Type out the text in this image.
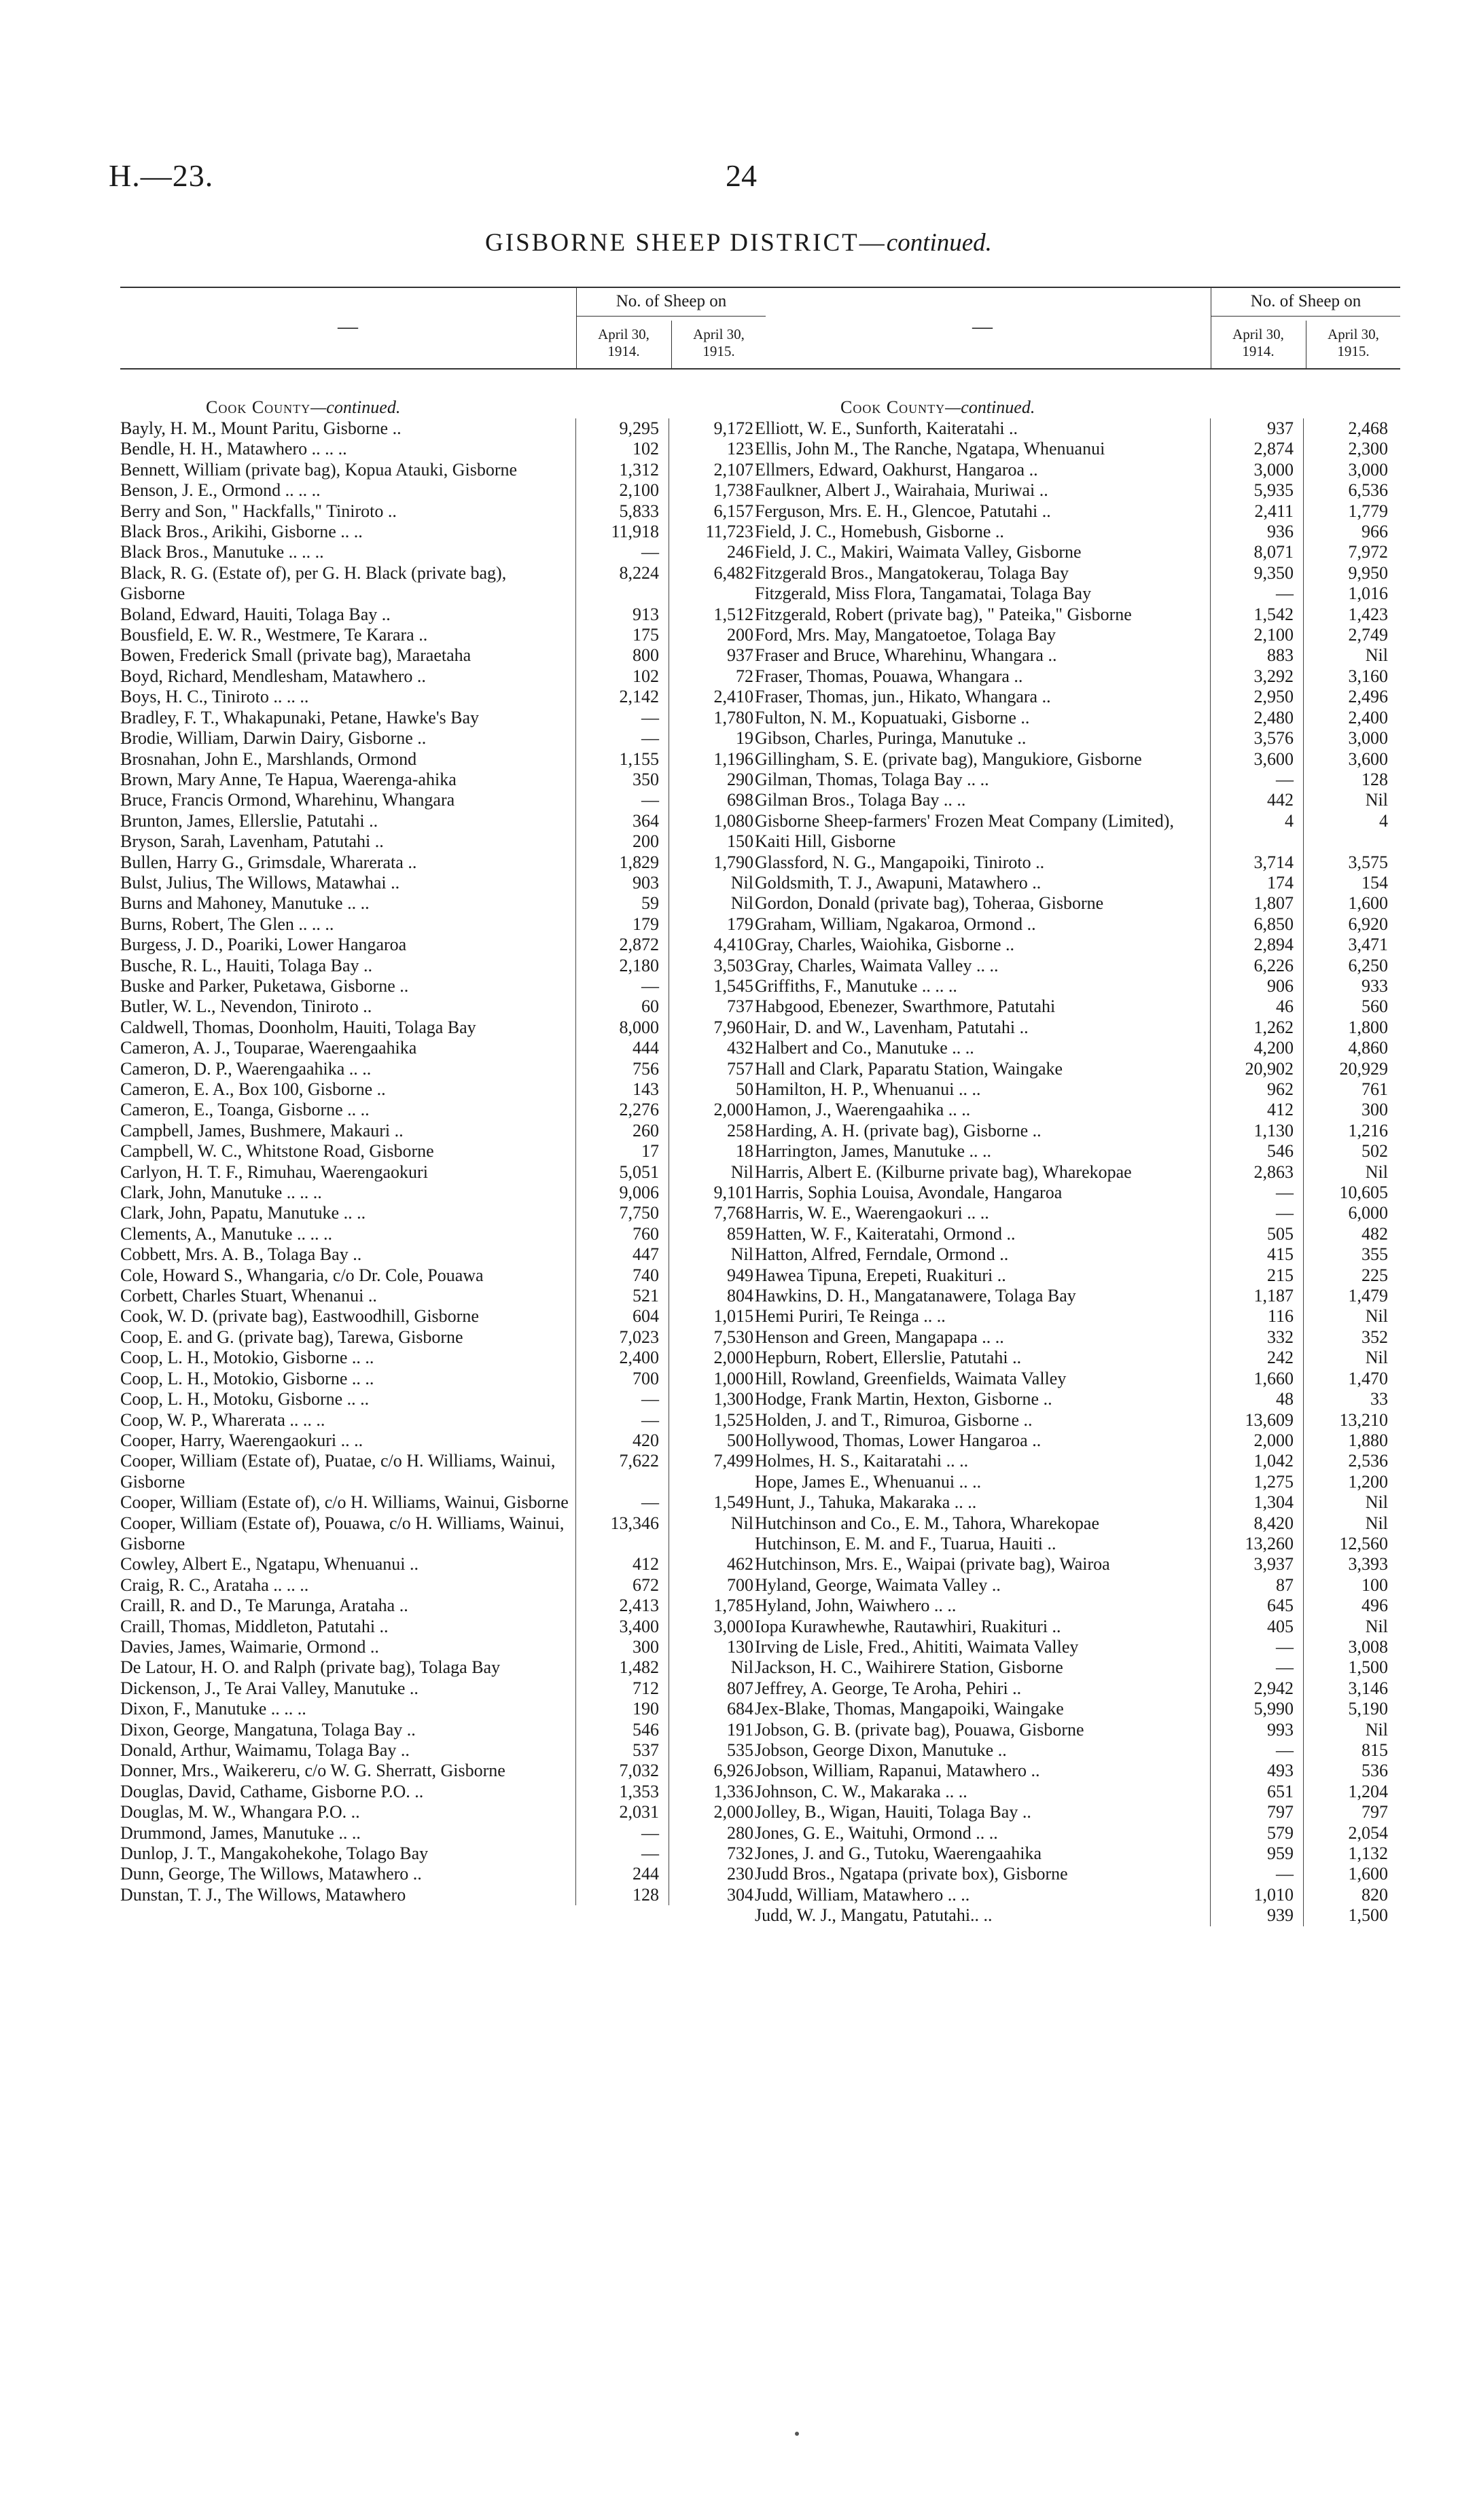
H.—23.	24
GISBORNE SHEEP DISTRICT—continued.
—
No. of Sheep on
April 30,
1914.
April 30,
1915.
Cook County—continued.
Bayly, H. M., Mount Paritu, Gisborne ..	9,295	9,172
Bendle, H. H., Matawhero .. .. ..	102	123
Bennett, William (private bag), Kopua Atauki, Gisborne	1,312	2,107
Benson, J. E., Ormond .. .. ..	2,100	1,738
Berry and Son, " Hackfalls," Tiniroto ..	5,833	6,157
Black Bros., Arikihi, Gisborne .. ..	11,918	11,723
Black Bros., Manutuke .. .. ..	—	246
Black, R. G. (Estate of), per G. H. Black (private bag), Gisborne
8,224	6,482
Boland, Edward, Hauiti, Tolaga Bay ..	913	1,512
Bousfield, E. W. R., Westmere, Te Karara ..	175	200
Bowen, Frederick Small (private bag), Maraetaha	800	937
Boyd, Richard, Mendlesham, Matawhero ..	102	72
Boys, H. C., Tiniroto .. .. ..	2,142	2,410
Bradley, F. T., Whakapunaki, Petane, Hawke's Bay	—	1,780
Brodie, William, Darwin Dairy, Gisborne ..	—	19
Brosnahan, John E., Marshlands, Ormond	1,155	1,196
Brown, Mary Anne, Te Hapua, Waerenga-ahika	350	290
Bruce, Francis Ormond, Wharehinu, Whangara	—	698
Brunton, James, Ellerslie, Patutahi ..	364	1,080
Bryson, Sarah, Lavenham, Patutahi ..	200	150
Bullen, Harry G., Grimsdale, Wharerata ..	1,829	1,790
Bulst, Julius, The Willows, Matawhai ..	903	Nil
Burns and Mahoney, Manutuke .. ..	59	Nil
Burns, Robert, The Glen .. .. ..	179	179
Burgess, J. D., Poariki, Lower Hangaroa	2,872	4,410
Busche, R. L., Hauiti, Tolaga Bay ..	2,180	3,503
Buske and Parker, Puketawa, Gisborne ..	—	1,545
Butler, W. L., Nevendon, Tiniroto ..	60	737
Caldwell, Thomas, Doonholm, Hauiti, Tolaga Bay	8,000	7,960
Cameron, A. J., Touparae, Waerengaahika	444	432
Cameron, D. P., Waerengaahika .. ..	756	757
Cameron, E. A., Box 100, Gisborne ..	143	50
Cameron, E., Toanga, Gisborne .. ..	2,276	2,000
Campbell, James, Bushmere, Makauri ..	260	258
Campbell, W. C., Whitstone Road, Gisborne	17	18
Carlyon, H. T. F., Rimuhau, Waerengaokuri	5,051	Nil
Clark, John, Manutuke .. .. ..	9,006	9,101
Clark, John, Papatu, Manutuke .. ..	7,750	7,768
Clements, A., Manutuke .. .. ..	760	859
Cobbett, Mrs. A. B., Tolaga Bay ..	447	Nil
Cole, Howard S., Whangaria, c/o Dr. Cole, Pouawa	740	949
Corbett, Charles Stuart, Whenanui ..	521	804
Cook, W. D. (private bag), Eastwoodhill, Gisborne	604	1,015
Coop, E. and G. (private bag), Tarewa, Gisborne	7,023	7,530
Coop, L. H., Motokio, Gisborne .. ..	2,400	2,000
Coop, L. H., Motokio, Gisborne .. ..	700	1,000
Coop, L. H., Motoku, Gisborne .. ..	—	1,300
Coop, W. P., Wharerata .. .. ..	—	1,525
Cooper, Harry, Waerengaokuri .. ..	420	500
Cooper, William (Estate of), Puatae, c/o H. Williams, Wainui, Gisborne
7,622	7,499
Cooper, William (Estate of), c/o H. Williams, Wainui, Gisborne	—	1,549
Cooper, William (Estate of), Pouawa, c/o H. Williams, Wainui, Gisborne
13,346	Nil
Cowley, Albert E., Ngatapu, Whenuanui ..	412	462
Craig, R. C., Arataha .. .. ..	672	700
Craill, R. and D., Te Marunga, Arataha ..	2,413	1,785
Craill, Thomas, Middleton, Patutahi ..	3,400	3,000
Davies, James, Waimarie, Ormond ..	300	130
De Latour, H. O. and Ralph (private bag), Tolaga Bay	1,482	Nil
Dickenson, J., Te Arai Valley, Manutuke ..	712	807
Dixon, F., Manutuke .. .. ..	190	684
Dixon, George, Mangatuna, Tolaga Bay ..	546	191
Donald, Arthur, Waimamu, Tolaga Bay ..	537	535
Donner, Mrs., Waikereru, c/o W. G. Sherratt, Gisborne	7,032	6,926
Douglas, David, Cathame, Gisborne P.O. ..	1,353	1,336
Douglas, M. W., Whangara P.O. ..	2,031	2,000
Drummond, James, Manutuke .. ..	—	280
Dunlop, J. T., Mangakohekohe, Tolago Bay	—	732
Dunn, George, The Willows, Matawhero ..	244	230
Dunstan, T. J., The Willows, Matawhero	128	304
—
No. of Sheep on
April 30,
1914.
April 30,
1915.
Cook County—continued.
Elliott, W. E., Sunforth, Kaiteratahi ..	937	2,468
Ellis, John M., The Ranche, Ngatapa, Whenuanui	2,874	2,300
Ellmers, Edward, Oakhurst, Hangaroa ..	3,000	3,000
Faulkner, Albert J., Wairahaia, Muriwai ..	5,935	6,536
Ferguson, Mrs. E. H., Glencoe, Patutahi ..	2,411	1,779
Field, J. C., Homebush, Gisborne ..	936	966
Field, J. C., Makiri, Waimata Valley, Gisborne	8,071	7,972
Fitzgerald Bros., Mangatokerau, Tolaga Bay	9,350	9,950
Fitzgerald, Miss Flora, Tangamatai, Tolaga Bay	—	1,016
Fitzgerald, Robert (private bag), " Pateika," Gisborne	1,542	1,423
Ford, Mrs. May, Mangatoetoe, Tolaga Bay	2,100	2,749
Fraser and Bruce, Wharehinu, Whangara ..	883	Nil
Fraser, Thomas, Pouawa, Whangara ..	3,292	3,160
Fraser, Thomas, jun., Hikato, Whangara ..	2,950	2,496
Fulton, N. M., Kopuatuaki, Gisborne ..	2,480	2,400
Gibson, Charles, Puringa, Manutuke ..	3,576	3,000
Gillingham, S. E. (private bag), Mangukiore, Gisborne	3,600	3,600
Gilman, Thomas, Tolaga Bay .. ..	—	128
Gilman Bros., Tolaga Bay .. ..	442	Nil
Gisborne Sheep-farmers' Frozen Meat Company (Limited), Kaiti Hill, Gisborne
4	4
Glassford, N. G., Mangapoiki, Tiniroto ..	3,714	3,575
Goldsmith, T. J., Awapuni, Matawhero ..	174	154
Gordon, Donald (private bag), Toheraa, Gisborne	1,807	1,600
Graham, William, Ngakaroa, Ormond ..	6,850	6,920
Gray, Charles, Waiohika, Gisborne ..	2,894	3,471
Gray, Charles, Waimata Valley .. ..	6,226	6,250
Griffiths, F., Manutuke .. .. ..	906	933
Habgood, Ebenezer, Swarthmore, Patutahi	46	560
Hair, D. and W., Lavenham, Patutahi ..	1,262	1,800
Halbert and Co., Manutuke .. ..	4,200	4,860
Hall and Clark, Paparatu Station, Waingake	20,902	20,929
Hamilton, H. P., Whenuanui .. ..	962	761
Hamon, J., Waerengaahika .. ..	412	300
Harding, A. H. (private bag), Gisborne ..	1,130	1,216
Harrington, James, Manutuke .. ..	546	502
Harris, Albert E. (Kilburne private bag), Wharekopae	2,863	Nil
Harris, Sophia Louisa, Avondale, Hangaroa	—	10,605
Harris, W. E., Waerengaokuri .. ..	—	6,000
Hatten, W. F., Kaiteratahi, Ormond ..	505	482
Hatton, Alfred, Ferndale, Ormond ..	415	355
Hawea Tipuna, Erepeti, Ruakituri ..	215	225
Hawkins, D. H., Mangatanawere, Tolaga Bay	1,187	1,479
Hemi Puriri, Te Reinga .. ..	116	Nil
Henson and Green, Mangapapa .. ..	332	352
Hepburn, Robert, Ellerslie, Patutahi ..	242	Nil
Hill, Rowland, Greenfields, Waimata Valley	1,660	1,470
Hodge, Frank Martin, Hexton, Gisborne ..	48	33
Holden, J. and T., Rimuroa, Gisborne ..	13,609	13,210
Hollywood, Thomas, Lower Hangaroa ..	2,000	1,880
Holmes, H. S., Kaitaratahi .. ..	1,042	2,536
Hope, James E., Whenuanui .. ..	1,275	1,200
Hunt, J., Tahuka, Makaraka .. ..	1,304	Nil
Hutchinson and Co., E. M., Tahora, Wharekopae	8,420	Nil
Hutchinson, E. M. and F., Tuarua, Hauiti ..	13,260	12,560
Hutchinson, Mrs. E., Waipai (private bag), Wairoa	3,937	3,393
Hyland, George, Waimata Valley ..	87	100
Hyland, John, Waiwhero .. ..	645	496
Iopa Kurawhewhe, Rautawhiri, Ruakituri ..	405	Nil
Irving de Lisle, Fred., Ahititi, Waimata Valley	—	3,008
Jackson, H. C., Waihirere Station, Gisborne	—	1,500
Jeffrey, A. George, Te Aroha, Pehiri ..	2,942	3,146
Jex-Blake, Thomas, Mangapoiki, Waingake	5,990	5,190
Jobson, G. B. (private bag), Pouawa, Gisborne	993	Nil
Jobson, George Dixon, Manutuke ..	—	815
Jobson, William, Rapanui, Matawhero ..	493	536
Johnson, C. W., Makaraka .. ..	651	1,204
Jolley, B., Wigan, Hauiti, Tolaga Bay ..	797	797
Jones, G. E., Waituhi, Ormond .. ..	579	2,054
Jones, J. and G., Tutoku, Waerengaahika	959	1,132
Judd Bros., Ngatapa (private box), Gisborne	—	1,600
Judd, William, Matawhero .. ..	1,010	820
Judd, W. J., Mangatu, Patutahi.. ..	939	1,500
